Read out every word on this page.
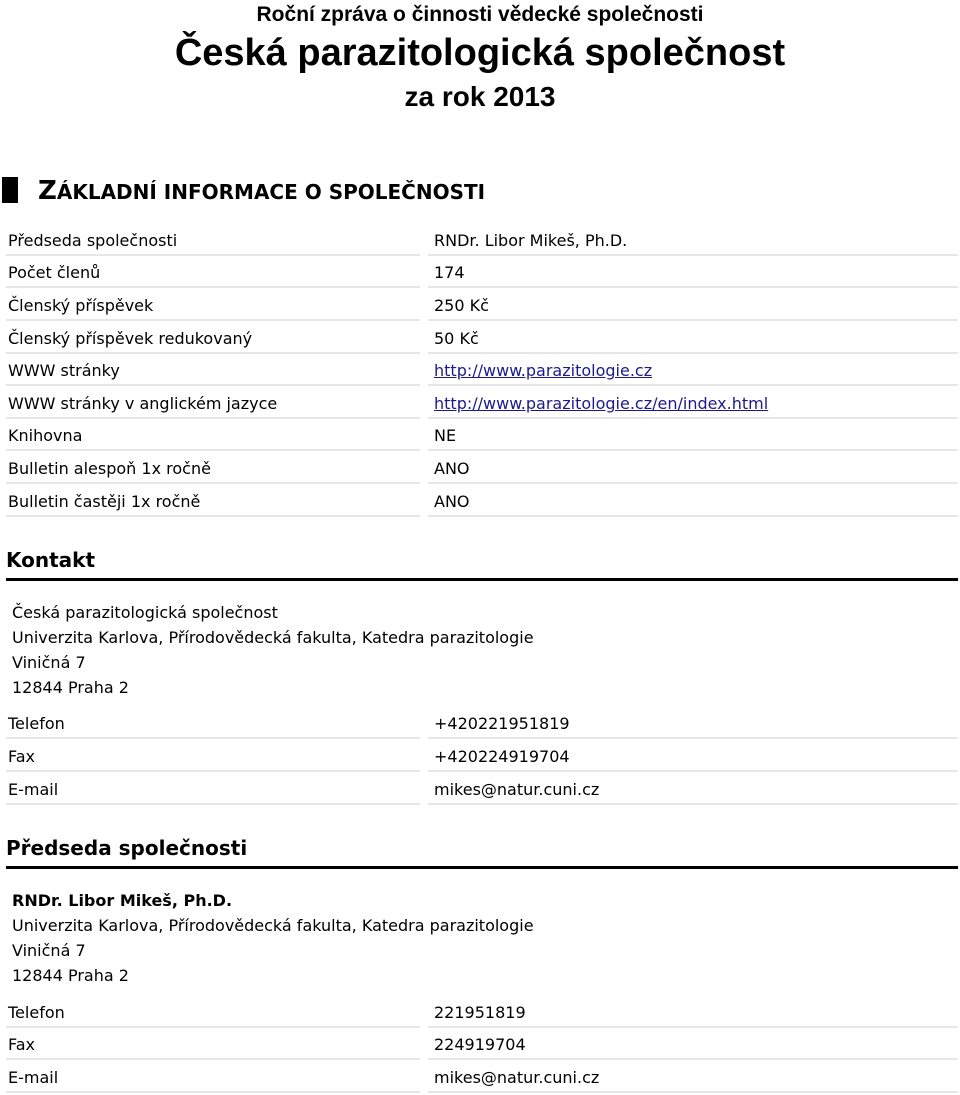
Roční zpráva o činnosti vědecké společnosti
Česká parazitologická společnost
za rok 2013
ZÁKLADNÍ INFORMACE O SPOLEČNOSTI
Předseda společnosti	RNDr. Libor Mikeš, Ph.D.
Počet členů	174
Členský příspěvek	250 Kč
Členský příspěvek redukovaný	50 Kč
WWW stránky	http://www.parazitologie.cz
WWW stránky v anglickém jazyce	http://www.parazitologie.cz/en/index.html
Knihovna	NE
Bulletin alespoň 1x ročně	ANO
Bulletin častěji 1x ročně	ANO
Kontakt
Česká parazitologická společnost
Univerzita Karlova, Přírodovědecká fakulta, Katedra parazitologie
Viničná 7
12844 Praha 2
Telefon	+420221951819
Fax	+420224919704
E-mail	mikes@natur.cuni.cz
Předseda společnosti
RNDr. Libor Mikeš, Ph.D.
Univerzita Karlova, Přírodovědecká fakulta, Katedra parazitologie
Viničná 7
12844 Praha 2
Telefon	221951819
Fax	224919704
E-mail	mikes@natur.cuni.cz
